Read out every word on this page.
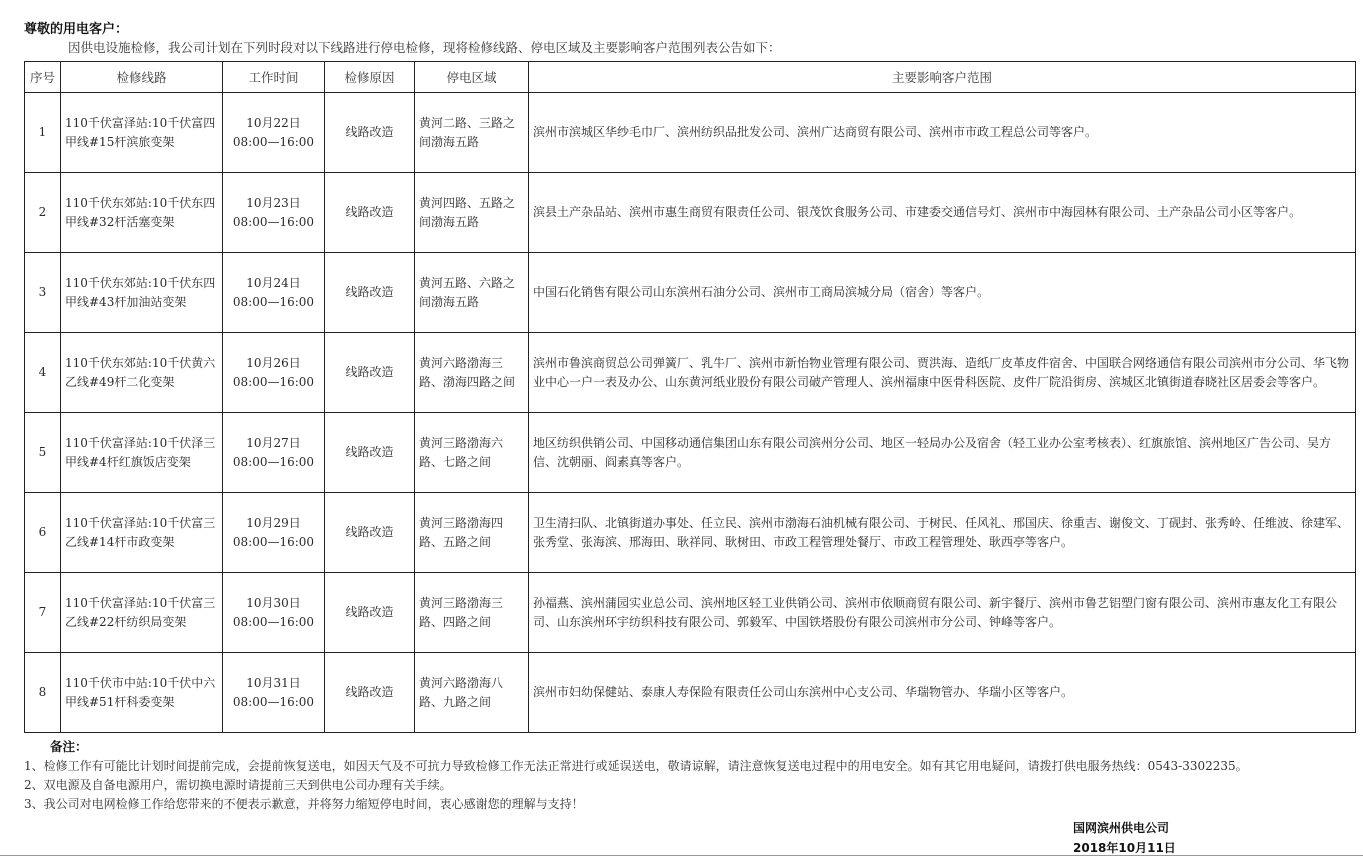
尊敬的用电客户：
因供电设施检修，我公司计划在下列时段对以下线路进行停电检修，现将检修线路、停电区域及主要影响客户范围列表公告如下：
序号	检修线路	工作时间	检修原因	停电区域	主要影响客户范围
1	110千伏富泽站:10千伏富四甲线#15杆滨旅变架	10月22日
08:00—16:00	线路改造	黄河二路、三路之间渤海五路	滨州市滨城区华纱毛巾厂、滨州纺织品批发公司、滨州广达商贸有限公司、滨州市市政工程总公司等客户。
2	110千伏东郊站:10千伏东四甲线#32杆活塞变架	10月23日
08:00—16:00	线路改造	黄河四路、五路之间渤海五路	滨县土产杂品站、滨州市惠生商贸有限责任公司、银茂饮食服务公司、市建委交通信号灯、滨州市中海园林有限公司、土产杂品公司小区等客户。
3	110千伏东郊站:10千伏东四甲线#43杆加油站变架	10月24日
08:00—16:00	线路改造	黄河五路、六路之间渤海五路	中国石化销售有限公司山东滨州石油分公司、滨州市工商局滨城分局（宿舍）等客户。
4	110千伏东郊站:10千伏黄六乙线#49杆二化变架	10月26日
08:00—16:00	线路改造	黄河六路渤海三路、渤海四路之间	滨州市鲁滨商贸总公司弹簧厂、乳牛厂、滨州市新怡物业管理有限公司、贾洪海、造纸厂皮革皮件宿舍、中国联合网络通信有限公司滨州市分公司、华飞物业中心一户一表及办公、山东黄河纸业股份有限公司破产管理人、滨州福康中医骨科医院、皮件厂院沿街房、滨城区北镇街道春晓社区居委会等客户。
5	110千伏富泽站:10千伏泽三甲线#4杆红旗饭店变架	10月27日
08:00—16:00	线路改造	黄河三路渤海六路、七路之间	地区纺织供销公司、中国移动通信集团山东有限公司滨州分公司、地区一轻局办公及宿舍（轻工业办公室考核表）、红旗旅馆、滨州地区广告公司、吴方信、沈朝丽、阎素真等客户。
6	110千伏富泽站:10千伏富三乙线#14杆市政变架	10月29日
08:00—16:00	线路改造	黄河三路渤海四路、五路之间	卫生清扫队、北镇街道办事处、任立民、滨州市渤海石油机械有限公司、于树民、任风礼、邢国庆、徐重吉、谢俊文、丁砚封、张秀岭、任维波、徐建军、张秀堂、张海滨、邢海田、耿祥同、耿树田、市政工程管理处餐厅、市政工程管理处、耿西亭等客户。
7	110千伏富泽站:10千伏富三乙线#22杆纺织局变架	10月30日
08:00—16:00	线路改造	黄河三路渤海三路、四路之间	孙福燕、滨州蒲园实业总公司、滨州地区轻工业供销公司、滨州市依顺商贸有限公司、新宇餐厅、滨州市鲁艺铝塑门窗有限公司、滨州市惠友化工有限公司、山东滨州环宇纺织科技有限公司、郭毅军、中国铁塔股份有限公司滨州市分公司、钟峰等客户。
8	110千伏市中站:10千伏中六甲线#51杆科委变架	10月31日
08:00—16:00	线路改造	黄河六路渤海八路、九路之间	滨州市妇幼保健站、泰康人寿保险有限责任公司山东滨州中心支公司、华瑞物管办、华瑞小区等客户。
备注：
1、检修工作有可能比计划时间提前完成，会提前恢复送电，如因天气及不可抗力导致检修工作无法正常进行或延误送电，敬请谅解，请注意恢复送电过程中的用电安全。如有其它用电疑问，请拨打供电服务热线：0543-3302235。
2、双电源及自备电源用户，需切换电源时请提前三天到供电公司办理有关手续。
3、我公司对电网检修工作给您带来的不便表示歉意，并将努力缩短停电时间，衷心感谢您的理解与支持！
国网滨州供电公司
2018年10月11日
